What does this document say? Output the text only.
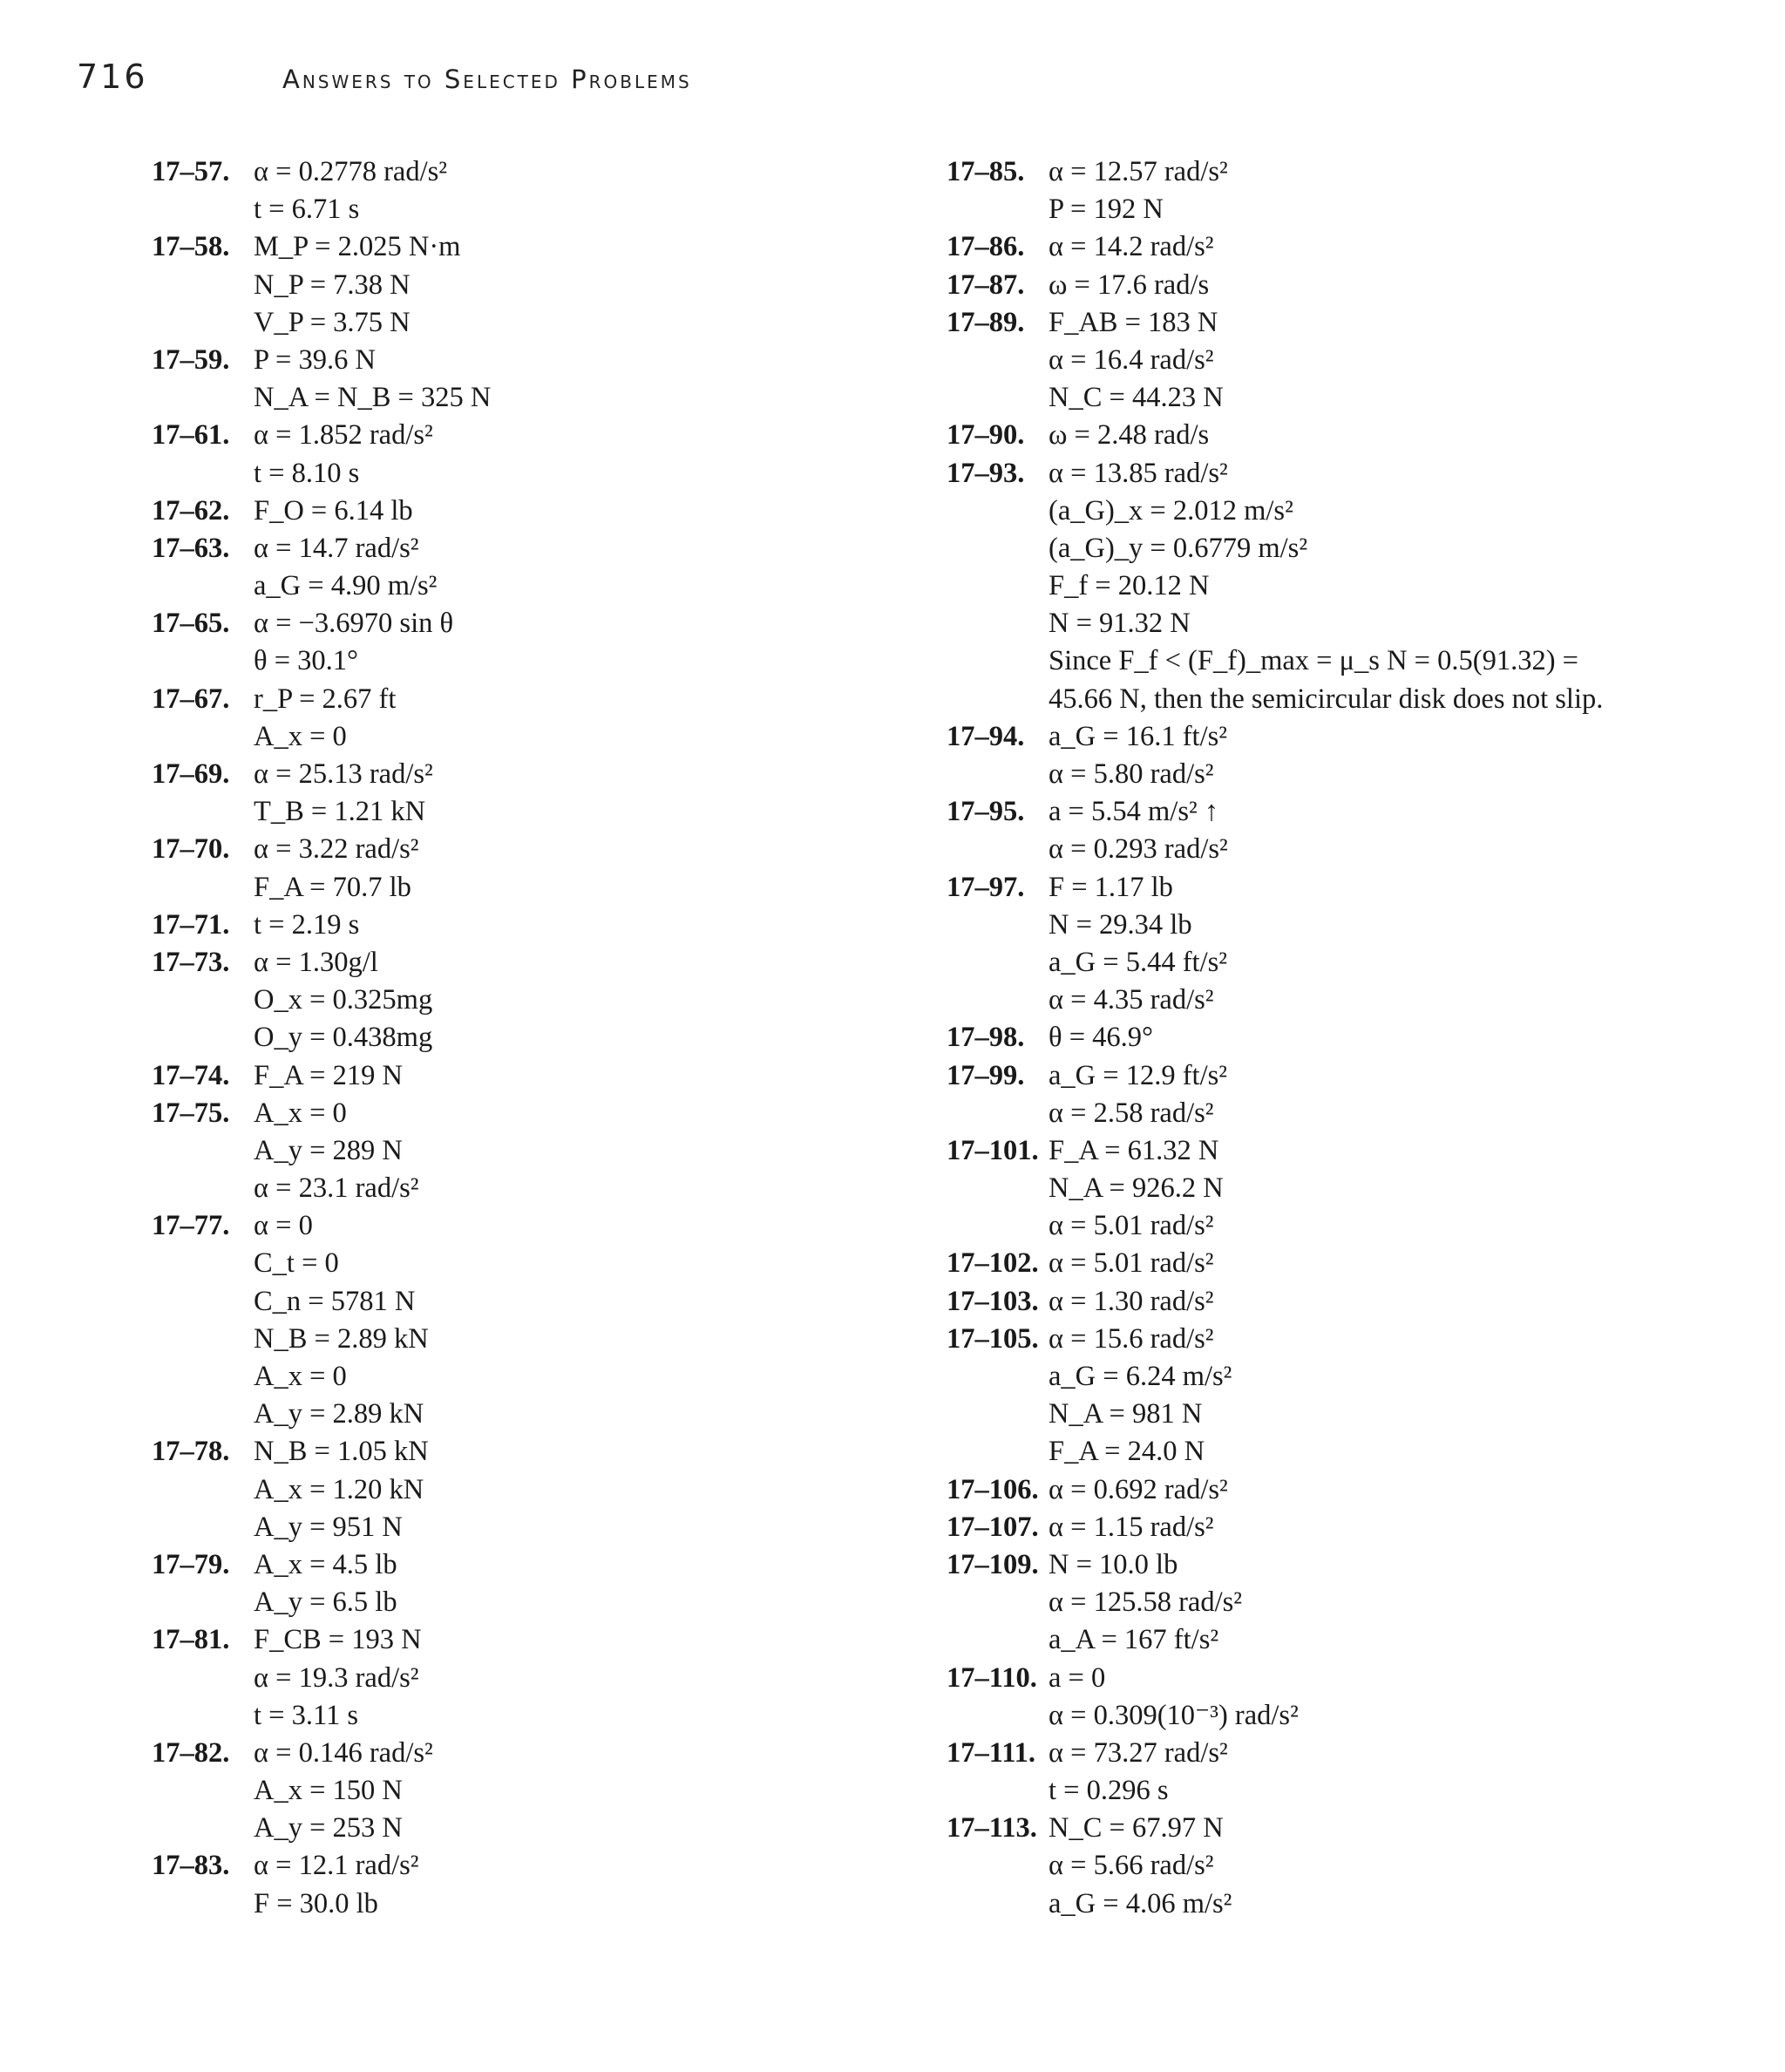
716	Answers to Selected Problems
17–57. α = 0.2778 rad/s²
t = 6.71 s
17–58. M_P = 2.025 N·m
N_P = 7.38 N
V_P = 3.75 N
17–59. P = 39.6 N
N_A = N_B = 325 N
17–61. α = 1.852 rad/s²
t = 8.10 s
17–62. F_O = 6.14 lb
17–63. α = 14.7 rad/s²
a_G = 4.90 m/s²
17–65. α = −3.6970 sin θ
θ = 30.1°
17–67. r_P = 2.67 ft
A_x = 0
17–69. α = 25.13 rad/s²
T_B = 1.21 kN
17–70. α = 3.22 rad/s²
F_A = 70.7 lb
17–71. t = 2.19 s
17–73. α = 1.30g/l
O_x = 0.325mg
O_y = 0.438mg
17–74. F_A = 219 N
17–75. A_x = 0
A_y = 289 N
α = 23.1 rad/s²
17–77. α = 0
C_t = 0
C_n = 5781 N
N_B = 2.89 kN
A_x = 0
A_y = 2.89 kN
17–78. N_B = 1.05 kN
A_x = 1.20 kN
A_y = 951 N
17–79. A_x = 4.5 lb
A_y = 6.5 lb
17–81. F_CB = 193 N
α = 19.3 rad/s²
t = 3.11 s
17–82. α = 0.146 rad/s²
A_x = 150 N
A_y = 253 N
17–83. α = 12.1 rad/s²
F = 30.0 lb
17–85. α = 12.57 rad/s²
P = 192 N
17–86. α = 14.2 rad/s²
17–87. ω = 17.6 rad/s
17–89. F_AB = 183 N
α = 16.4 rad/s²
N_C = 44.23 N
17–90. ω = 2.48 rad/s
17–93. α = 13.85 rad/s²
(a_G)_x = 2.012 m/s²
(a_G)_y = 0.6779 m/s²
F_f = 20.12 N
N = 91.32 N
Since F_f < (F_f)_max = μ_s N = 0.5(91.32) =
45.66 N, then the semicircular disk does not slip.
17–94. a_G = 16.1 ft/s²
α = 5.80 rad/s²
17–95. a = 5.54 m/s² ↑
α = 0.293 rad/s²
17–97. F = 1.17 lb
N = 29.34 lb
a_G = 5.44 ft/s²
α = 4.35 rad/s²
17–98. θ = 46.9°
17–99. a_G = 12.9 ft/s²
α = 2.58 rad/s²
17–101. F_A = 61.32 N
N_A = 926.2 N
α = 5.01 rad/s²
17–102. α = 5.01 rad/s²
17–103. α = 1.30 rad/s²
17–105. α = 15.6 rad/s²
a_G = 6.24 m/s²
N_A = 981 N
F_A = 24.0 N
17–106. α = 0.692 rad/s²
17–107. α = 1.15 rad/s²
17–109. N = 10.0 lb
α = 125.58 rad/s²
a_A = 167 ft/s²
17–110. a = 0
α = 0.309(10⁻³) rad/s²
17–111. α = 73.27 rad/s²
t = 0.296 s
17–113. N_C = 67.97 N
α = 5.66 rad/s²
a_G = 4.06 m/s²
